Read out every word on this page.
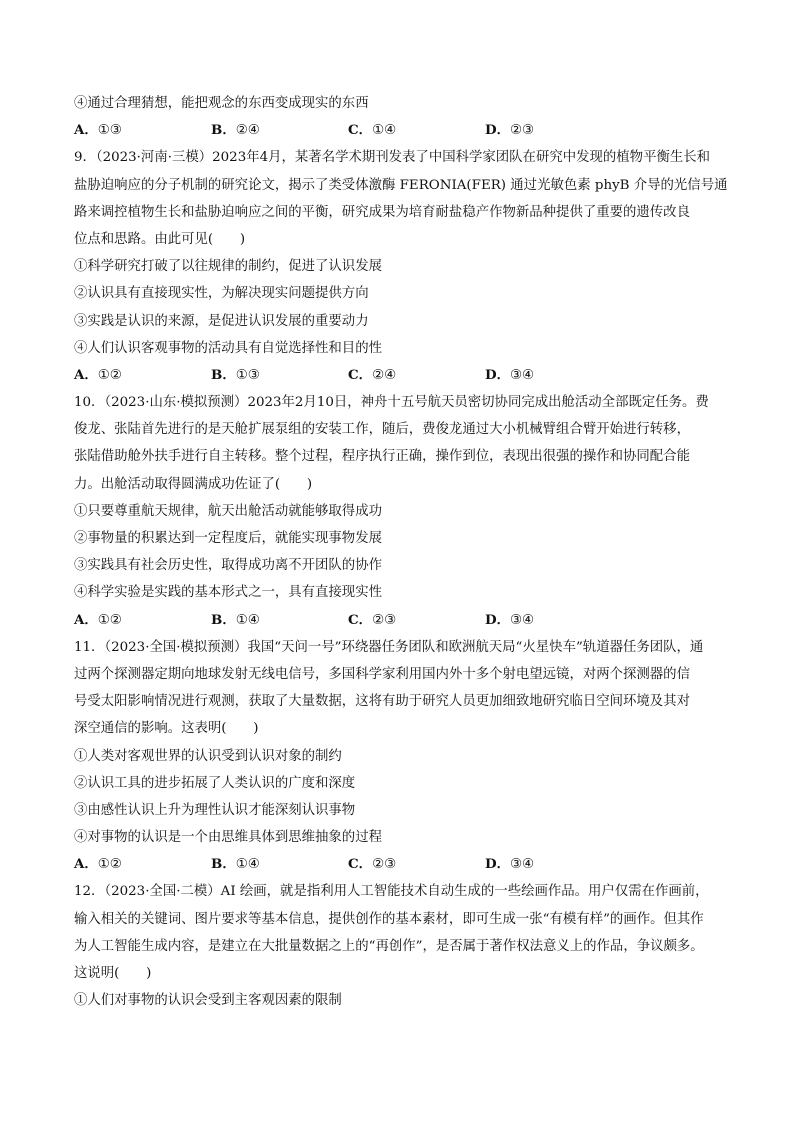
④通过合理猜想，能把观念的东西变成现实的东西
A．①③	B．②④	C．①④	D．②③
9．（2023·河南·三模）2023年4月，某著名学术期刊发表了中国科学家团队在研究中发现的植物平衡生长和
盐胁迫响应的分子机制的研究论文，揭示了类受体激酶 FERONIA(FER) 通过光敏色素 phyB 介导的光信号通
路来调控植物生长和盐胁迫响应之间的平衡，研究成果为培育耐盐稳产作物新品种提供了重要的遗传改良
位点和思路。由此可见(　　)
①科学研究打破了以往规律的制约，促进了认识发展
②认识具有直接现实性，为解决现实问题提供方向
③实践是认识的来源，是促进认识发展的重要动力
④人们认识客观事物的活动具有自觉选择性和目的性
A．①②	B．①③	C．②④	D．③④
10．（2023·山东·模拟预测）2023年2月10日，神舟十五号航天员密切协同完成出舱活动全部既定任务。费
俊龙、张陆首先进行的是天舱扩展泵组的安装工作，随后，费俊龙通过大小机械臂组合臂开始进行转移，
张陆借助舱外扶手进行自主转移。整个过程，程序执行正确，操作到位，表现出很强的操作和协同配合能
力。出舱活动取得圆满成功佐证了(　　)
①只要尊重航天规律，航天出舱活动就能够取得成功
②事物量的积累达到一定程度后，就能实现事物发展
③实践具有社会历史性，取得成功离不开团队的协作
④科学实验是实践的基本形式之一，具有直接现实性
A．①②	B．①④	C．②③	D．③④
11．（2023·全国·模拟预测）我国“天问一号”环绕器任务团队和欧洲航天局“火星快车”轨道器任务团队，通
过两个探测器定期向地球发射无线电信号，多国科学家利用国内外十多个射电望远镜，对两个探测器的信
号受太阳影响情况进行观测，获取了大量数据，这将有助于研究人员更加细致地研究临日空间环境及其对
深空通信的影响。这表明(　　)
①人类对客观世界的认识受到认识对象的制约
②认识工具的进步拓展了人类认识的广度和深度
③由感性认识上升为理性认识才能深刻认识事物
④对事物的认识是一个由思维具体到思维抽象的过程
A．①②	B．①④	C．②③	D．③④
12．（2023·全国·二模）AI 绘画，就是指利用人工智能技术自动生成的一些绘画作品。用户仅需在作画前，
输入相关的关键词、图片要求等基本信息，提供创作的基本素材，即可生成一张“有模有样”的画作。但其作
为人工智能生成内容，是建立在大批量数据之上的“再创作”，是否属于著作权法意义上的作品，争议颇多。
这说明(　　)
①人们对事物的认识会受到主客观因素的限制
